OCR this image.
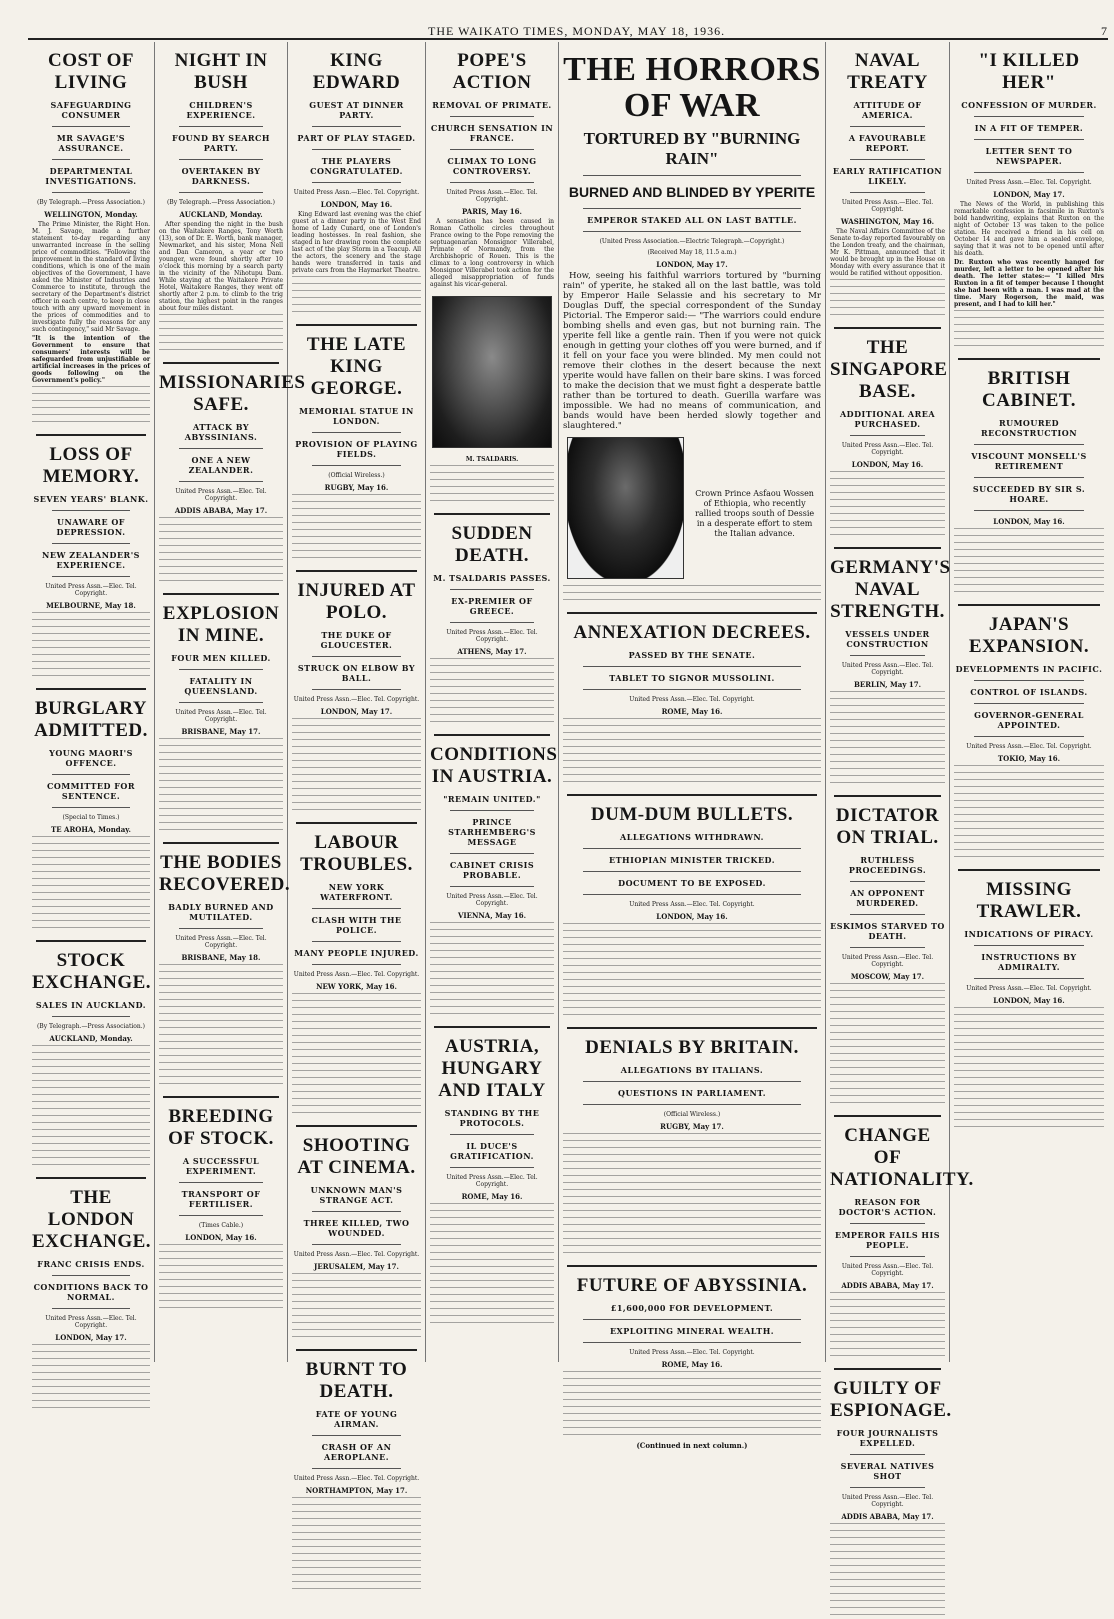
THE WAIKATO TIMES, MONDAY, MAY 18, 1936.	7
COST OF LIVING
SAFEGUARDING CONSUMER
MR SAVAGE'S ASSURANCE.
DEPARTMENTAL INVESTIGATIONS.
(By Telegraph.—Press Association.)
WELLINGTON, Monday.

The Prime Minister, the Right Hon. M. J. Savage, made a further statement to-day regarding any unwarranted increase in the selling price of commodities. "Following the improvement in the standard of living conditions, which is one of the main objectives of the Government, I have asked the Minister of Industries and Commerce to institute, through the secretary of the Department's district officer in each centre, to keep in close touch with any upward movement in the prices of commodities and to investigate fully the reasons for any such contingency," said Mr Savage.

"It is the intention of the Government to ensure that consumers' interests will be safeguarded from unjustifiable or artificial increases in the prices of goods following on the Government's policy."
LOSS OF MEMORY.
SEVEN YEARS' BLANK.
UNAWARE OF DEPRESSION.
NEW ZEALANDER'S EXPERIENCE.
United Press Assn.—Elec. Tel. Copyright.
MELBOURNE, May 18.
BURGLARY ADMITTED.
YOUNG MAORI'S OFFENCE.
COMMITTED FOR SENTENCE.
(Special to Times.)
TE AROHA, Monday.
STOCK EXCHANGE.
SALES IN AUCKLAND.
(By Telegraph.—Press Association.)
AUCKLAND, Monday.
THE LONDON EXCHANGE.
FRANC CRISIS ENDS.
CONDITIONS BACK TO NORMAL.
United Press Assn.—Elec. Tel. Copyright.
LONDON, May 17.
NIGHT IN BUSH
CHILDREN'S EXPERIENCE.
FOUND BY SEARCH PARTY.
OVERTAKEN BY DARKNESS.
(By Telegraph.—Press Association.)
AUCKLAND, Monday.

After spending the night in the bush on the Waitakere Ranges, Tony Worth (13), son of Dr. E. Worth, bank manager, Newmarket, and his sister, Mona Nell and Dan Cameron, a year or two younger, were found shortly after 10 o'clock this morning by a search party in the vicinity of the Nihotupu Dam. While staying at the Waitakere Private Hotel, Waitakere Ranges, they went off shortly after 2 p.m. to climb to the trig station, the highest point in the ranges about four miles distant.

MISSIONARIES SAFE.
ATTACK BY ABYSSINIANS.
ONE A NEW ZEALANDER.
United Press Assn.—Elec. Tel. Copyright.
ADDIS ABABA, May 17.
EXPLOSION IN MINE.
FOUR MEN KILLED.
FATALITY IN QUEENSLAND.
United Press Assn.—Elec. Tel. Copyright.
BRISBANE, May 17.
THE BODIES RECOVERED.
BADLY BURNED AND MUTILATED.
United Press Assn.—Elec. Tel. Copyright.
BRISBANE, May 18.
BREEDING OF STOCK.
A SUCCESSFUL EXPERIMENT.
TRANSPORT OF FERTILISER.
(Times Cable.)
LONDON, May 16.
KING EDWARD
GUEST AT DINNER PARTY.
PART OF PLAY STAGED.
THE PLAYERS CONGRATULATED.
United Press Assn.—Elec. Tel. Copyright.
LONDON, May 16.

King Edward last evening was the chief guest at a dinner party in the West End home of Lady Cunard, one of London's leading hostesses. In real fashion, she staged in her drawing room the complete last act of the play Storm in a Teacup. All the actors, the scenery and the stage hands were transferred in taxis and private cars from the Haymarket Theatre.

THE LATE KING GEORGE.
MEMORIAL STATUE IN LONDON.
PROVISION OF PLAYING FIELDS.
(Official Wireless.)
RUGBY, May 16.
INJURED AT POLO.
THE DUKE OF GLOUCESTER.
STRUCK ON ELBOW BY BALL.
United Press Assn.—Elec. Tel. Copyright.
LONDON, May 17.
LABOUR TROUBLES.
NEW YORK WATERFRONT.
CLASH WITH THE POLICE.
MANY PEOPLE INJURED.
United Press Assn.—Elec. Tel. Copyright.
NEW YORK, May 16.
SHOOTING AT CINEMA.
UNKNOWN MAN'S STRANGE ACT.
THREE KILLED, TWO WOUNDED.
United Press Assn.—Elec. Tel. Copyright.
JERUSALEM, May 17.
BURNT TO DEATH.
FATE OF YOUNG AIRMAN.
CRASH OF AN AEROPLANE.
United Press Assn.—Elec. Tel. Copyright.
NORTHAMPTON, May 17.
POPE'S ACTION
REMOVAL OF PRIMATE.
CHURCH SENSATION IN FRANCE.
CLIMAX TO LONG CONTROVERSY.
United Press Assn.—Elec. Tel. Copyright.
PARIS, May 16.

A sensation has been caused in Roman Catholic circles throughout France owing to the Pope removing the septuagenarian Monsignor Villerabel, Primate of Normandy, from the Archbishopric of Rouen. This is the climax to a long controversy in which Monsignor Villerabel took action for the alleged misappropriation of funds against his vicar-general.

M. TSALDARIS.
SUDDEN DEATH.
M. TSALDARIS PASSES.
EX-PREMIER OF GREECE.
United Press Assn.—Elec. Tel. Copyright.
ATHENS, May 17.
CONDITIONS IN AUSTRIA.
"REMAIN UNITED."
PRINCE STARHEMBERG'S MESSAGE
CABINET CRISIS PROBABLE.
United Press Assn.—Elec. Tel. Copyright.
VIENNA, May 16.
AUSTRIA, HUNGARY AND ITALY
STANDING BY THE PROTOCOLS.
IL DUCE'S GRATIFICATION.
United Press Assn.—Elec. Tel. Copyright.
ROME, May 16.
THE HORRORS OF WAR
TORTURED BY "BURNING RAIN"
BURNED AND BLINDED BY YPERITE
EMPEROR STAKED ALL ON LAST BATTLE.
(United Press Association.—Electric Telegraph.—Copyright.)
(Received May 18, 11.5 a.m.)
LONDON, May 17.

How, seeing his faithful warriors tortured by "burning rain" of yperite, he staked all on the last battle, was told by Emperor Haile Selassie and his secretary to Mr Douglas Duff, the special correspondent of the Sunday Pictorial. The Emperor said:— "The warriors could endure bombing shells and even gas, but not burning rain. The yperite fell like a gentle rain. Then if you were not quick enough in getting your clothes off you were burned, and if it fell on your face you were blinded. My men could not remove their clothes in the desert because the next yperite would have fallen on their bare skins. I was forced to make the decision that we must fight a desperate battle rather than be tortured to death. Guerilla warfare was impossible. We had no means of communication, and bands would have been herded slowly together and slaughtered."

Crown Prince Asfaou Wossen of Ethiopia, who recently rallied troops south of Dessie in a desperate effort to stem the Italian advance.
ANNEXATION DECREES.
PASSED BY THE SENATE.
TABLET TO SIGNOR MUSSOLINI.
United Press Assn.—Elec. Tel. Copyright.
ROME, May 16.
DUM-DUM BULLETS.
ALLEGATIONS WITHDRAWN.
ETHIOPIAN MINISTER TRICKED.
DOCUMENT TO BE EXPOSED.
United Press Assn.—Elec. Tel. Copyright.
LONDON, May 16.
DENIALS BY BRITAIN.
ALLEGATIONS BY ITALIANS.
QUESTIONS IN PARLIAMENT.
(Official Wireless.)
RUGBY, May 17.
FUTURE OF ABYSSINIA.
£1,600,000 FOR DEVELOPMENT.
EXPLOITING MINERAL WEALTH.
United Press Assn.—Elec. Tel. Copyright.
ROME, May 16.
(Continued in next column.)
NAVAL TREATY
ATTITUDE OF AMERICA.
A FAVOURABLE REPORT.
EARLY RATIFICATION LIKELY.
United Press Assn.—Elec. Tel. Copyright.
WASHINGTON, May 16.

The Naval Affairs Committee of the Senate to-day reported favourably on the London treaty, and the chairman, Mr K. Pittman, announced that it would be brought up in the House on Monday with every assurance that it would be ratified without opposition.

THE SINGAPORE BASE.
ADDITIONAL AREA PURCHASED.
United Press Assn.—Elec. Tel. Copyright.
LONDON, May 16.
GERMANY'S NAVAL STRENGTH.
VESSELS UNDER CONSTRUCTION
United Press Assn.—Elec. Tel. Copyright.
BERLIN, May 17.
DICTATOR ON TRIAL.
RUTHLESS PROCEEDINGS.
AN OPPONENT MURDERED.
ESKIMOS STARVED TO DEATH.
United Press Assn.—Elec. Tel. Copyright.
MOSCOW, May 17.
CHANGE OF NATIONALITY.
REASON FOR DOCTOR'S ACTION.
EMPEROR FAILS HIS PEOPLE.
United Press Assn.—Elec. Tel. Copyright.
ADDIS ABABA, May 17.
GUILTY OF ESPIONAGE.
FOUR JOURNALISTS EXPELLED.
SEVERAL NATIVES SHOT
United Press Assn.—Elec. Tel. Copyright.
ADDIS ABABA, May 17.
"I KILLED HER"
CONFESSION OF MURDER.
IN A FIT OF TEMPER.
LETTER SENT TO NEWSPAPER.
United Press Assn.—Elec. Tel. Copyright.
LONDON, May 17.

The News of the World, in publishing this remarkable confession in facsimile in Ruxton's bold handwriting, explains that Ruxton on the night of October 13 was taken to the police station. He received a friend in his cell on October 14 and gave him a sealed envelope, saying that it was not to be opened until after his death.

Dr. Ruxton who was recently hanged for murder, left a letter to be opened after his death. The letter states:— "I killed Mrs Ruxton in a fit of temper because I thought she had been with a man. I was mad at the time. Mary Rogerson, the maid, was present, and I had to kill her."
BRITISH CABINET.
RUMOURED RECONSTRUCTION
VISCOUNT MONSELL'S RETIREMENT
SUCCEEDED BY SIR S. HOARE.
LONDON, May 16.
JAPAN'S EXPANSION.
DEVELOPMENTS IN PACIFIC.
CONTROL OF ISLANDS.
GOVERNOR-GENERAL APPOINTED.
United Press Assn.—Elec. Tel. Copyright.
TOKIO, May 16.
MISSING TRAWLER.
INDICATIONS OF PIRACY.
INSTRUCTIONS BY ADMIRALTY.
United Press Assn.—Elec. Tel. Copyright.
LONDON, May 16.
